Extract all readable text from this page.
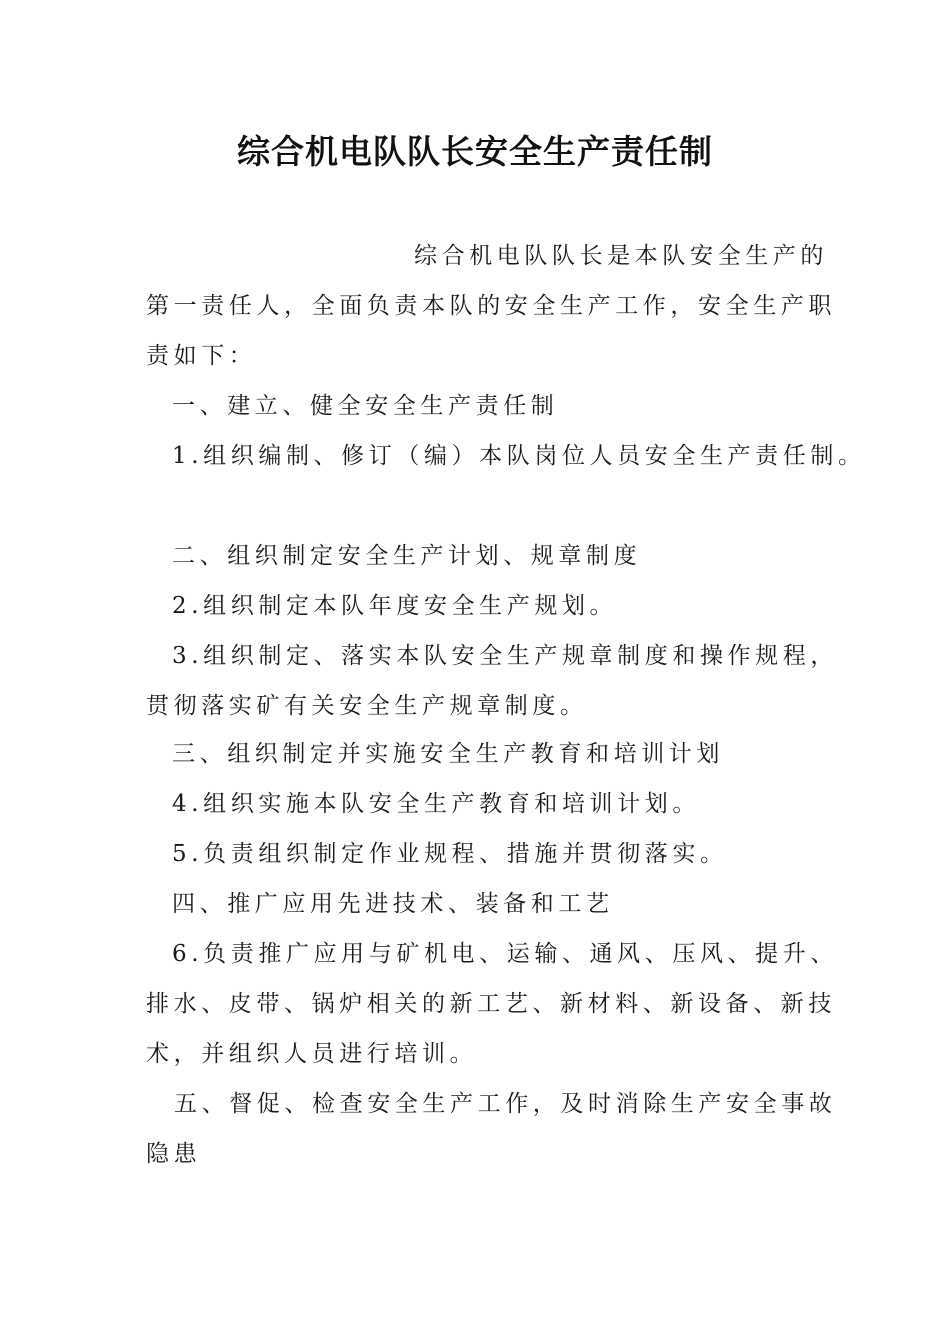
综合机电队队长安全生产责任制
综合机电队队长是本队安全生产的
第一责任人，全面负责本队的安全生产工作，安全生产职
责如下：
一、建立、健全安全生产责任制
1.组织编制、修订（编）本队岗位人员安全生产责任制。
二、组织制定安全生产计划、规章制度
2.组织制定本队年度安全生产规划。
3.组织制定、落实本队安全生产规章制度和操作规程，
贯彻落实矿有关安全生产规章制度。
三、组织制定并实施安全生产教育和培训计划
4.组织实施本队安全生产教育和培训计划。
5.负责组织制定作业规程、措施并贯彻落实。
四、推广应用先进技术、装备和工艺
6.负责推广应用与矿机电、运输、通风、压风、提升、
排水、皮带、锅炉相关的新工艺、新材料、新设备、新技
术，并组织人员进行培训。
五、督促、检查安全生产工作，及时消除生产安全事故
隐患
